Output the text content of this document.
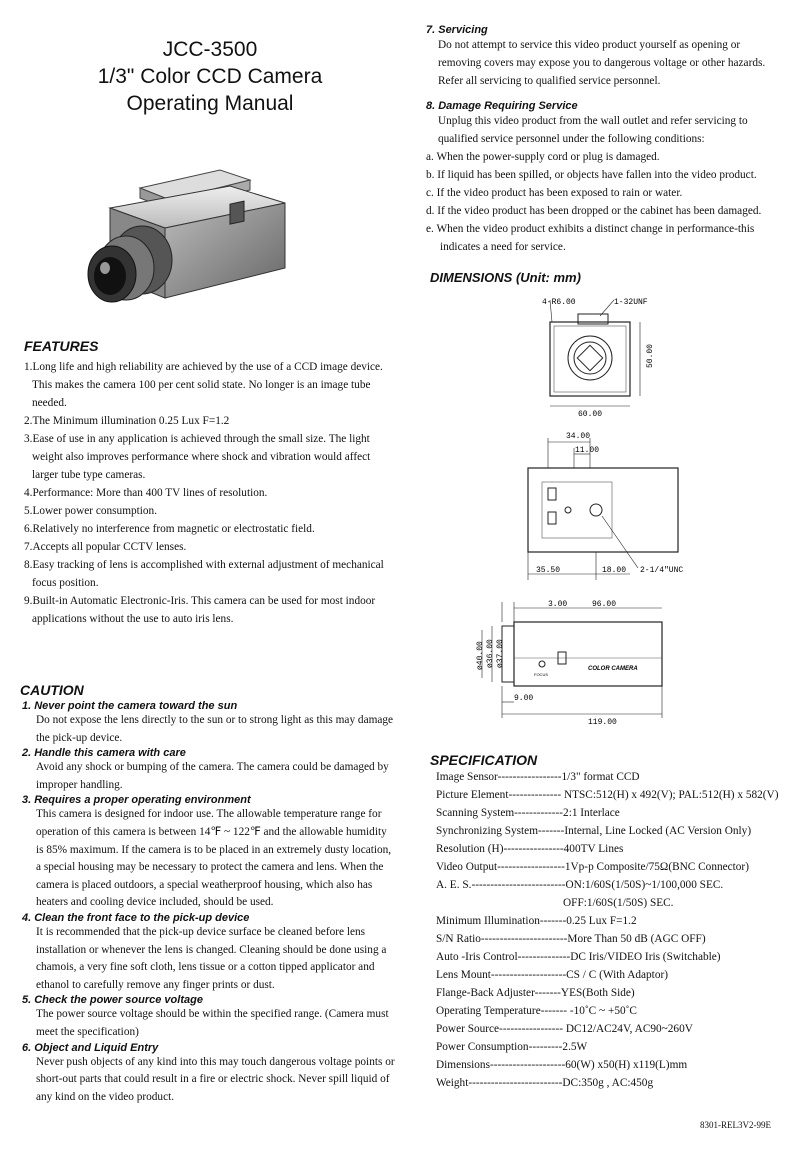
JCC-3500
1/3" Color CCD Camera
Operating Manual
FEATURES
1.Long life and high reliability are achieved by the use of a CCD image device. This makes the camera 100 per cent solid state. No longer is an image tube needed.
2.The Minimum illumination 0.25 Lux F=1.2
3.Ease of use in any application is achieved through the small size. The light weight also improves performance where shock and vibration would affect larger tube type cameras.
4.Performance: More than 400 TV lines of resolution.
5.Lower power consumption.
6.Relatively no interference from magnetic or electrostatic field.
7.Accepts all popular CCTV lenses.
8.Easy tracking of lens is accomplished with external adjustment of mechanical focus position.
9.Built-in Automatic Electronic-Iris. This camera can be used for most indoor applications without the use to auto iris lens.
CAUTION
1. Never point the camera toward the sun
Do not expose the lens directly to the sun or to strong light as this may damage the pick-up device.
2. Handle this camera with care
Avoid any shock or bumping of the camera. The camera could be damaged by improper handling.
3. Requires a proper operating environment
This camera is designed for indoor use. The allowable temperature range for operation of this camera is between 14℉ ~ 122℉ and the allowable humidity is 85% maximum. If the camera is to be placed in an extremely dusty location, a special housing may be necessary to protect the camera and lens. When the camera is placed outdoors, a special weatherproof housing, which also has heaters and cooling device included, should be used.
4. Clean the front face to the pick-up device
It is recommended that the pick-up device surface be cleaned before lens installation or whenever the lens is changed. Cleaning should be done using a chamois, a very fine soft cloth, lens tissue or a cotton tipped applicator and ethanol to carefully remove any finger prints or dust.
5. Check the power source voltage
The power source voltage should be within the specified range. (Camera must meet the specification)
6. Object and Liquid Entry
Never push objects of any kind into this may touch dangerous voltage points or short-out parts that could result in a fire or electric shock. Never spill liquid of any kind on the video product.
7. Servicing
Do not attempt to service this video product yourself as opening or removing covers may expose you to dangerous voltage or other hazards. Refer all servicing to qualified service personnel.
8. Damage Requiring Service
Unplug this video product from the wall outlet and refer servicing to qualified service personnel under the following conditions:
a. When the power-supply cord or plug is damaged.
b. If liquid has been spilled, or objects have fallen into the video product.
c. If the video product has been exposed to rain or water.
d. If the video product has been dropped or the cabinet has been damaged.
e. When the video product exhibits a distinct change in performance-this indicates a need for service.
DIMENSIONS (Unit: mm)
4-R6.00	1-32UNF
50.00
60.00
34.00
11.00
35.50	18.00 2-1/4"UNC
3.00	96.00
ø40.00 ø36.00 ø37.00
9.00
119.00
COLOR CAMERA
FOCUS
SPECIFICATION
Image Sensor-----------------1/3" format CCD
Picture Element-------------- NTSC:512(H) x 492(V); PAL:512(H) x 582(V)
Scanning System-------------2:1 Interlace
Synchronizing System-------Internal, Line Locked (AC Version Only)
Resolution (H)----------------400TV Lines
Video Output------------------1Vp-p Composite/75Ω(BNC Connector)
A. E. S.-------------------------ON:1/60S(1/50S)~1/100,000 SEC.
OFF:1/60S(1/50S) SEC.
Minimum Illumination-------0.25 Lux F=1.2
S/N Ratio-----------------------More Than 50 dB (AGC OFF)
Auto -Iris Control--------------DC Iris/VIDEO Iris (Switchable)
Lens Mount--------------------CS / C (With Adaptor)
Flange-Back Adjuster-------YES(Both Side)
Operating Temperature------- -10˚C ~ +50˚C
Power Source----------------- DC12/AC24V, AC90~260V
Power Consumption---------2.5W
Dimensions--------------------60(W) x50(H) x119(L)mm
Weight-------------------------DC:350g , AC:450g
8301-REL3V2-99E
